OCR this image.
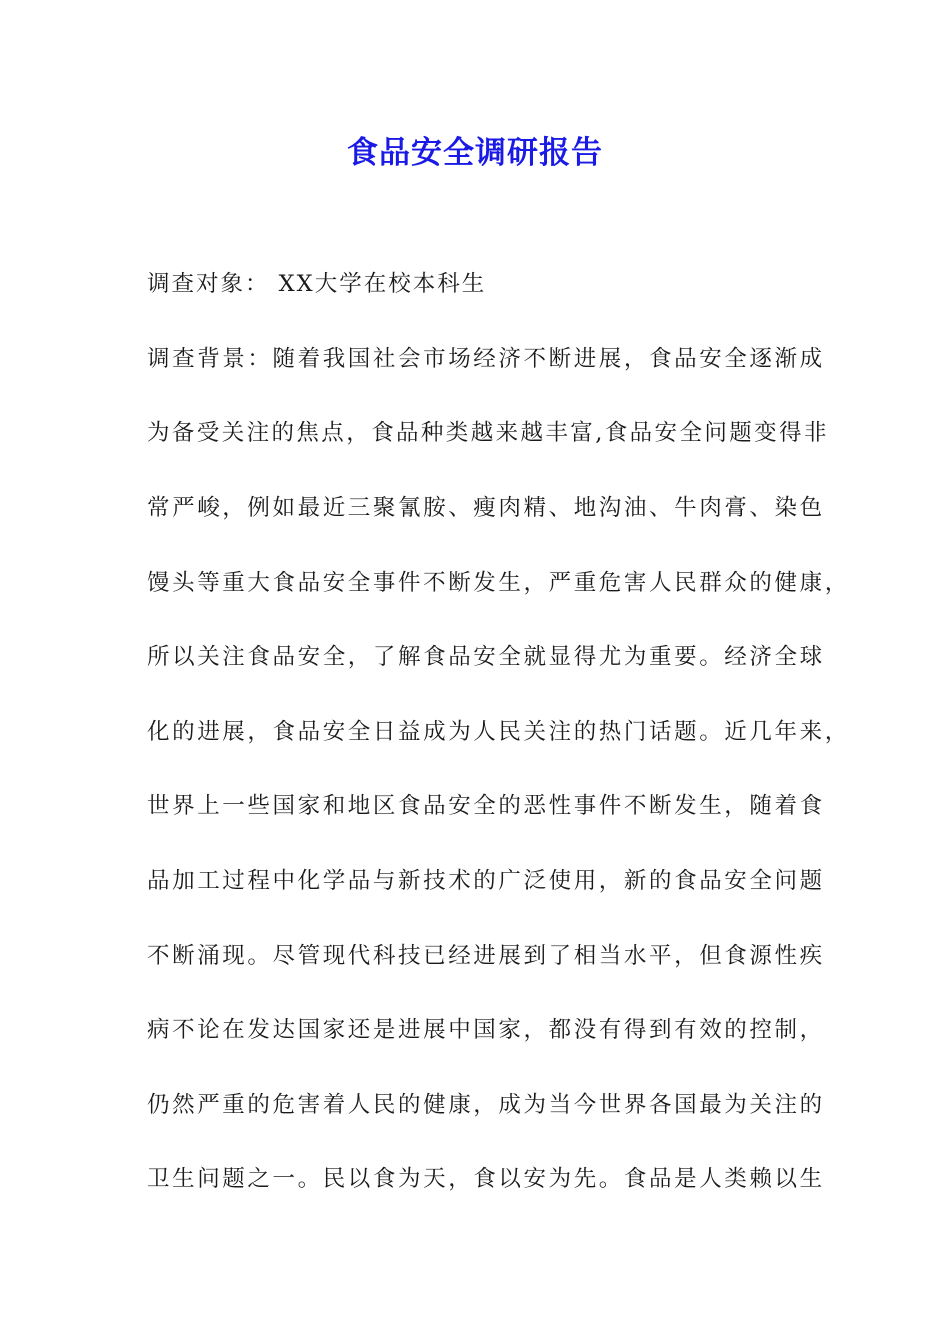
食品安全调研报告

调查对象： XX大学在校本科生

调查背景：随着我国社会市场经济不断进展，食品安全逐渐成

为备受关注的焦点，食品种类越来越丰富,食品安全问题变得非

常严峻，例如最近三聚氰胺、瘦肉精、地沟油、牛肉膏、染色

馒头等重大食品安全事件不断发生，严重危害人民群众的健康，

所以关注食品安全，了解食品安全就显得尤为重要。经济全球

化的进展，食品安全日益成为人民关注的热门话题。近几年来，

世界上一些国家和地区食品安全的恶性事件不断发生，随着食

品加工过程中化学品与新技术的广泛使用，新的食品安全问题

不断涌现。尽管现代科技已经进展到了相当水平，但食源性疾

病不论在发达国家还是进展中国家，都没有得到有效的控制，

仍然严重的危害着人民的健康，成为当今世界各国最为关注的

卫生问题之一。民以食为天，食以安为先。食品是人类赖以生
